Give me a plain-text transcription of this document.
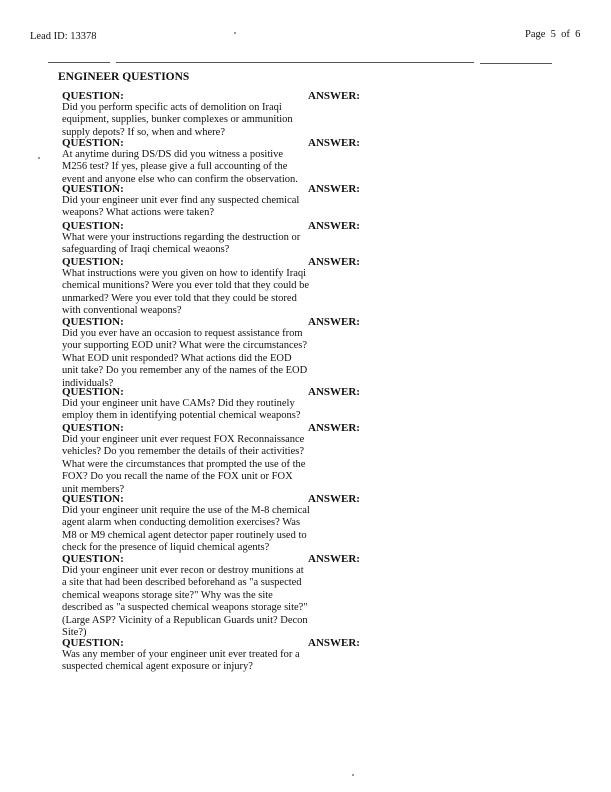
Lead ID: 13378	Page 5 of 6
ENGINEER QUESTIONS
QUESTION:	ANSWER:
Did you perform specific acts of demolition on Iraqi equipment, supplies, bunker complexes or ammunition supply depots? If so, when and where?
QUESTION:	ANSWER:
At anytime during DS/DS did you witness a positive M256 test? If yes, please give a full accounting of the event and anyone else who can confirm the observation.
QUESTION:	ANSWER:
Did your engineer unit ever find any suspected chemical weapons? What actions were taken?
QUESTION:	ANSWER:
What were your instructions regarding the destruction or safeguarding of Iraqi chemical weaons?
QUESTION:	ANSWER:
What instructions were you given on how to identify Iraqi chemical munitions? Were you ever told that they could be unmarked? Were you ever told that they could be stored with conventional weapons?
QUESTION:	ANSWER:
Did you ever have an occasion to request assistance from your supporting EOD unit? What were the circumstances? What EOD unit responded? What actions did the EOD unit take? Do you remember any of the names of the EOD individuals?
QUESTION:	ANSWER:
Did your engineer unit have CAMs? Did they routinely employ them in identifying potential chemical weapons?
QUESTION:	ANSWER:
Did your engineer unit ever request FOX Reconnaissance vehicles? Do you remember the details of their activities? What were the circumstances that prompted the use of the FOX? Do you recall the name of the FOX unit or FOX unit members?
QUESTION:	ANSWER:
Did your engineer unit require the use of the M-8 chemical agent alarm when conducting demolition exercises? Was M8 or M9 chemical agent detector paper routinely used to check for the presence of liquid chemical agents?
QUESTION:	ANSWER:
Did your engineer unit ever recon or destroy munitions at a site that had been described beforehand as "a suspected chemical weapons storage site?" Why was the site described as "a suspected chemical weapons storage site?" (Large ASP? Vicinity of a Republican Guards unit? Decon Site?)
QUESTION:	ANSWER:
Was any member of your engineer unit ever treated for a suspected chemical agent exposure or injury?
